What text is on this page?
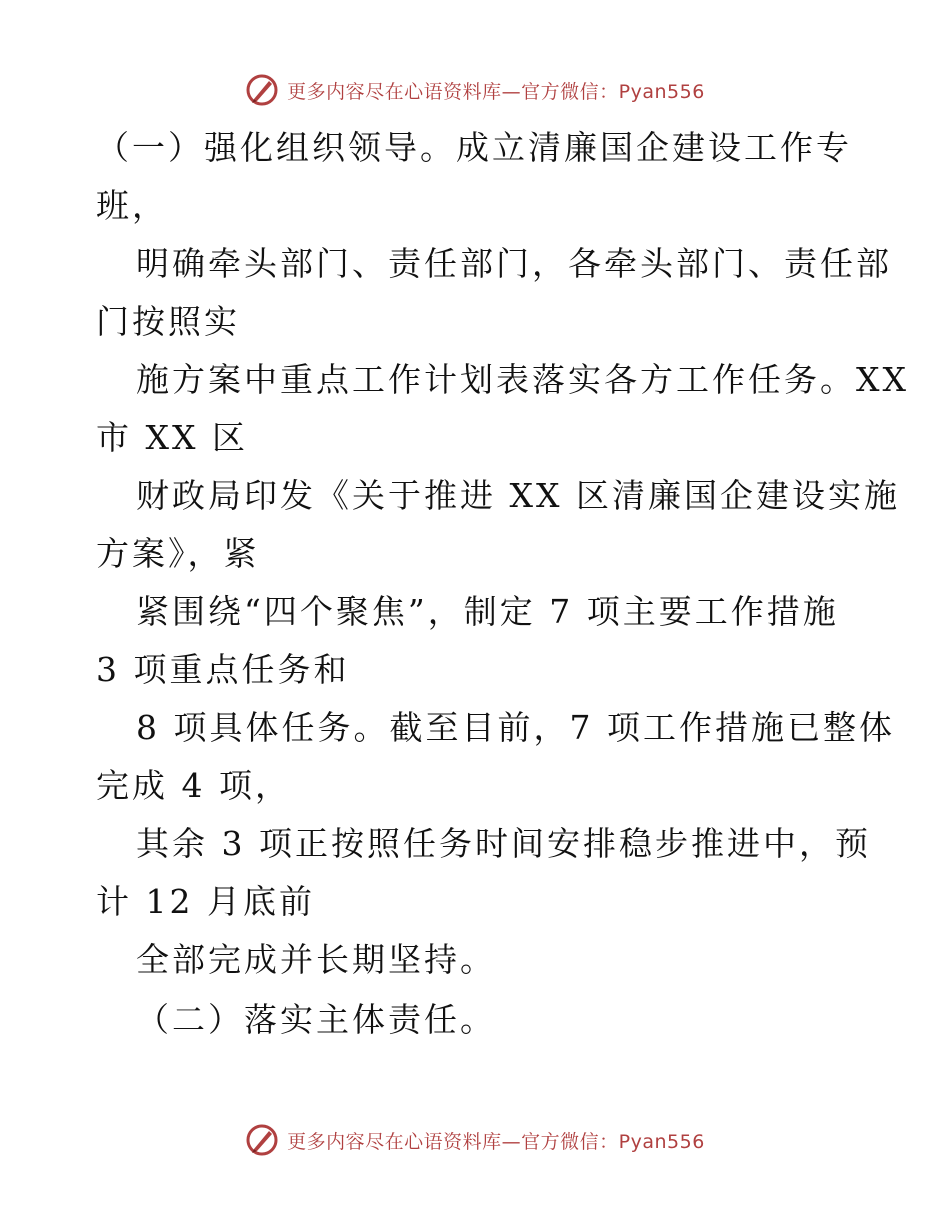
更多内容尽在心语资料库—官方微信：Pyan556
（一）强化组织领导。成立清廉国企建设工作专
班，
明确牵头部门、责任部门，各牵头部门、责任部
门按照实
施方案中重点工作计划表落实各方工作任务。XX
市 XX 区
财政局印发《关于推进 XX 区清廉国企建设实施
方案》，紧
紧围绕“四个聚焦”，制定 7 项主要工作措施
3 项重点任务和
8 项具体任务。截至目前，7 项工作措施已整体
完成 4 项，
其余 3 项正按照任务时间安排稳步推进中，预
计 12 月底前
全部完成并长期坚持。
（二）落实主体责任。
更多内容尽在心语资料库—官方微信：Pyan556
